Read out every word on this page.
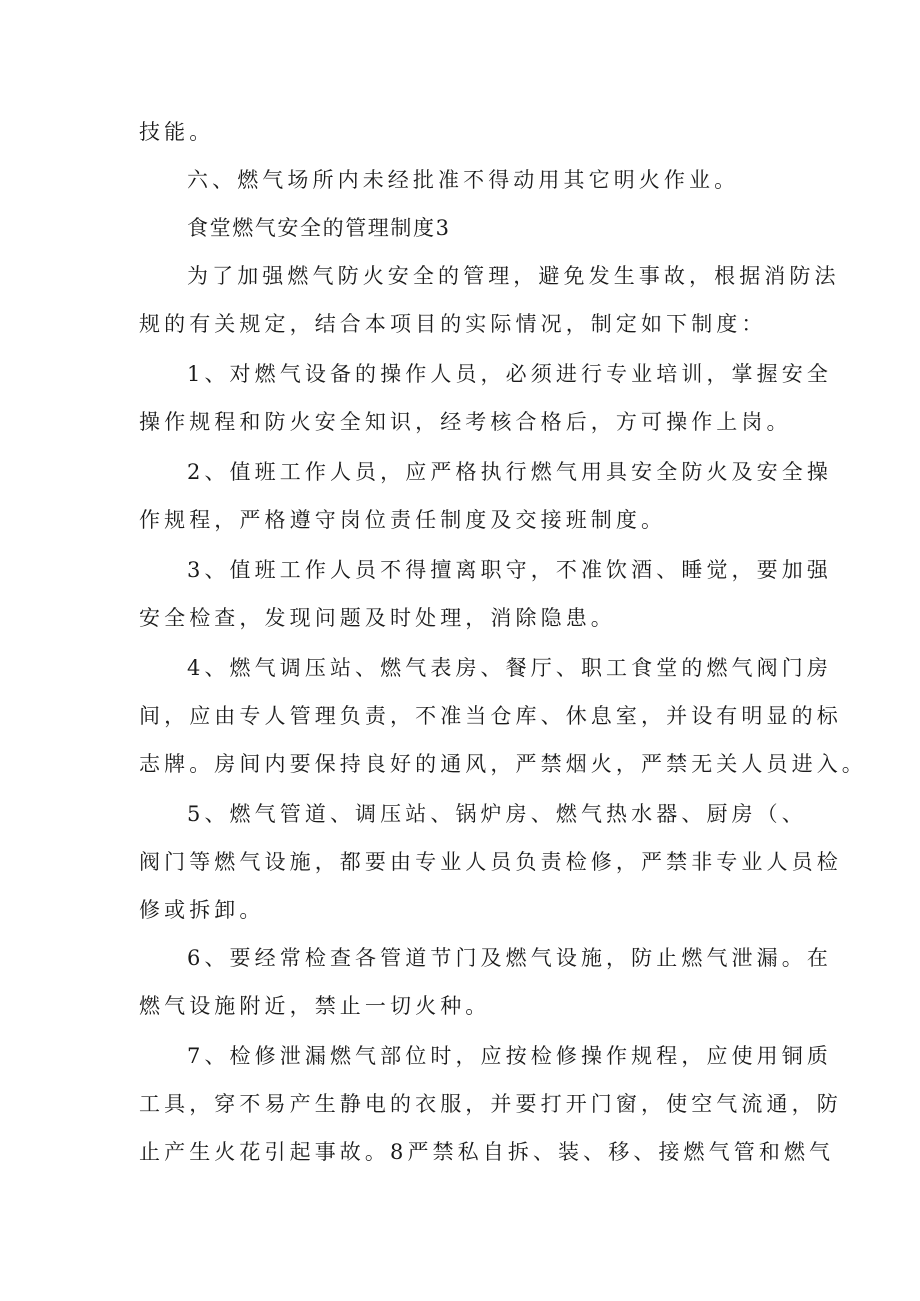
技能。
六、燃气场所内未经批准不得动用其它明火作业。
食堂燃气安全的管理制度3
为了加强燃气防火安全的管理，避免发生事故，根据消防法
规的有关规定，结合本项目的实际情况，制定如下制度：
1、对燃气设备的操作人员，必须进行专业培训，掌握安全
操作规程和防火安全知识，经考核合格后，方可操作上岗。
2、值班工作人员，应严格执行燃气用具安全防火及安全操
作规程，严格遵守岗位责任制度及交接班制度。
3、值班工作人员不得擅离职守，不准饮酒、睡觉，要加强
安全检查，发现问题及时处理，消除隐患。
4、燃气调压站、燃气表房、餐厅、职工食堂的燃气阀门房
间，应由专人管理负责，不准当仓库、休息室，并设有明显的标
志牌。房间内要保持良好的通风，严禁烟火，严禁无关人员进入。
5、燃气管道、调压站、锅炉房、燃气热水器、厨房（、
阀门等燃气设施，都要由专业人员负责检修，严禁非专业人员检
修或拆卸。
6、要经常检查各管道节门及燃气设施，防止燃气泄漏。在
燃气设施附近，禁止一切火种。
7、检修泄漏燃气部位时，应按检修操作规程，应使用铜质
工具，穿不易产生静电的衣服，并要打开门窗，使空气流通，防
止产生火花引起事故。8严禁私自拆、装、移、接燃气管和燃气
